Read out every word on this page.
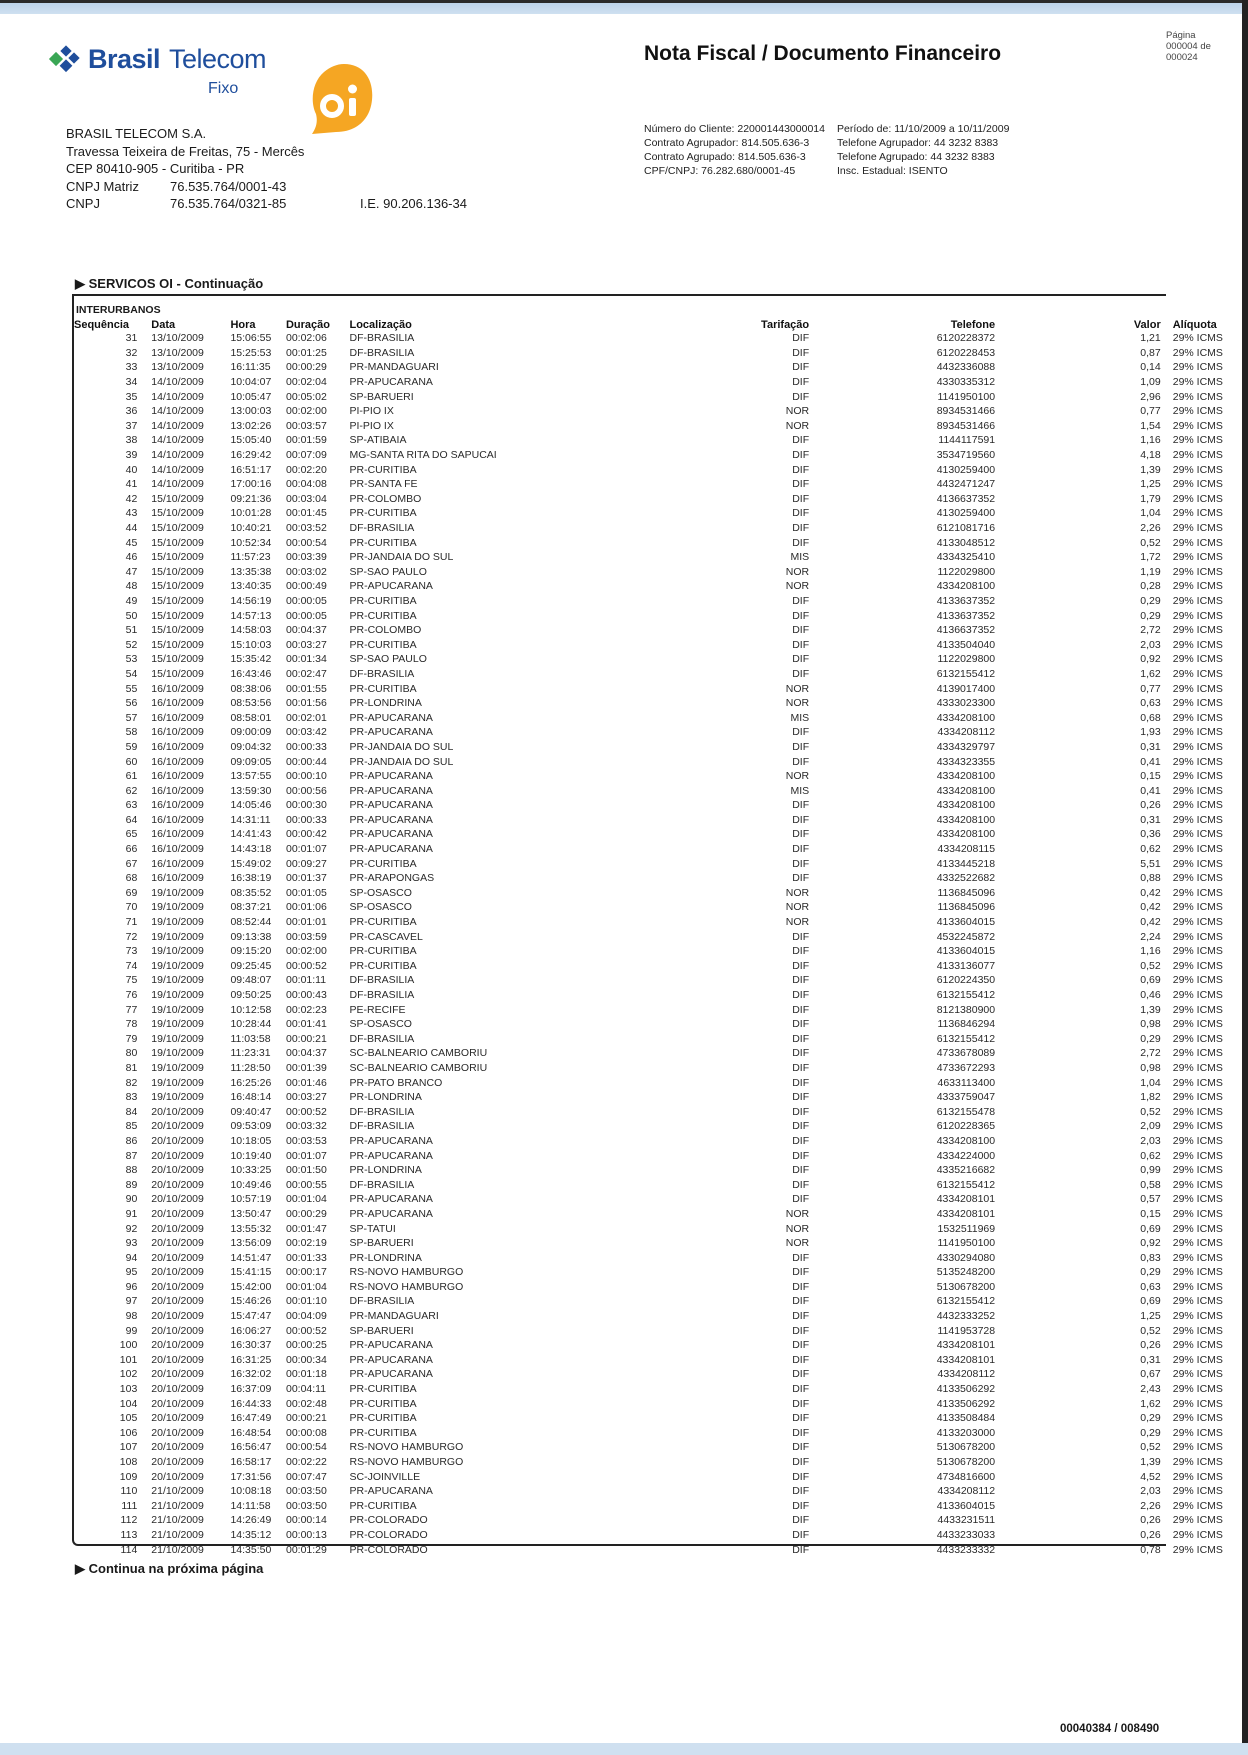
Brasil Telecom
Fixo
BRASIL TELECOM S.A.
Travessa Teixeira de Freitas, 75 - Mercês
CEP 80410-905 - Curitiba - PR
CNPJ Matriz	76.535.764/0001-43
CNPJ	76.535.764/0321-85	I.E. 90.206.136-34
Nota Fiscal / Documento Financeiro
Página
000004 de
000024
Número do Cliente: 220001443000014
Contrato Agrupador: 814.505.636-3
Contrato Agrupado: 814.505.636-3
CPF/CNPJ: 76.282.680/0001-45
Período de: 11/10/2009 a 10/11/2009
Telefone Agrupador: 44 3232 8383
Telefone Agrupado: 44 3232 8383
Insc. Estadual: ISENTO
▶ SERVICOS OI - Continuação
INTERURBANOS
Sequência	Data	Hora	Duração	Localização	Tarifação	Telefone	Valor	Alíquota
31	13/10/2009	15:06:55	00:02:06	DF-BRASILIA	DIF	6120228372	1,21	29% ICMS
32	13/10/2009	15:25:53	00:01:25	DF-BRASILIA	DIF	6120228453	0,87	29% ICMS
33	13/10/2009	16:11:35	00:00:29	PR-MANDAGUARI	DIF	4432336088	0,14	29% ICMS
34	14/10/2009	10:04:07	00:02:04	PR-APUCARANA	DIF	4330335312	1,09	29% ICMS
35	14/10/2009	10:05:47	00:05:02	SP-BARUERI	DIF	1141950100	2,96	29% ICMS
36	14/10/2009	13:00:03	00:02:00	PI-PIO IX	NOR	8934531466	0,77	29% ICMS
37	14/10/2009	13:02:26	00:03:57	PI-PIO IX	NOR	8934531466	1,54	29% ICMS
38	14/10/2009	15:05:40	00:01:59	SP-ATIBAIA	DIF	1144117591	1,16	29% ICMS
39	14/10/2009	16:29:42	00:07:09	MG-SANTA RITA DO SAPUCAI	DIF	3534719560	4,18	29% ICMS
40	14/10/2009	16:51:17	00:02:20	PR-CURITIBA	DIF	4130259400	1,39	29% ICMS
41	14/10/2009	17:00:16	00:04:08	PR-SANTA FE	DIF	4432471247	1,25	29% ICMS
42	15/10/2009	09:21:36	00:03:04	PR-COLOMBO	DIF	4136637352	1,79	29% ICMS
43	15/10/2009	10:01:28	00:01:45	PR-CURITIBA	DIF	4130259400	1,04	29% ICMS
44	15/10/2009	10:40:21	00:03:52	DF-BRASILIA	DIF	6121081716	2,26	29% ICMS
45	15/10/2009	10:52:34	00:00:54	PR-CURITIBA	DIF	4133048512	0,52	29% ICMS
46	15/10/2009	11:57:23	00:03:39	PR-JANDAIA DO SUL	MIS	4334325410	1,72	29% ICMS
47	15/10/2009	13:35:38	00:03:02	SP-SAO PAULO	NOR	1122029800	1,19	29% ICMS
48	15/10/2009	13:40:35	00:00:49	PR-APUCARANA	NOR	4334208100	0,28	29% ICMS
49	15/10/2009	14:56:19	00:00:05	PR-CURITIBA	DIF	4133637352	0,29	29% ICMS
50	15/10/2009	14:57:13	00:00:05	PR-CURITIBA	DIF	4133637352	0,29	29% ICMS
51	15/10/2009	14:58:03	00:04:37	PR-COLOMBO	DIF	4136637352	2,72	29% ICMS
52	15/10/2009	15:10:03	00:03:27	PR-CURITIBA	DIF	4133504040	2,03	29% ICMS
53	15/10/2009	15:35:42	00:01:34	SP-SAO PAULO	DIF	1122029800	0,92	29% ICMS
54	15/10/2009	16:43:46	00:02:47	DF-BRASILIA	DIF	6132155412	1,62	29% ICMS
55	16/10/2009	08:38:06	00:01:55	PR-CURITIBA	NOR	4139017400	0,77	29% ICMS
56	16/10/2009	08:53:56	00:01:56	PR-LONDRINA	NOR	4333023300	0,63	29% ICMS
57	16/10/2009	08:58:01	00:02:01	PR-APUCARANA	MIS	4334208100	0,68	29% ICMS
58	16/10/2009	09:00:09	00:03:42	PR-APUCARANA	DIF	4334208112	1,93	29% ICMS
59	16/10/2009	09:04:32	00:00:33	PR-JANDAIA DO SUL	DIF	4334329797	0,31	29% ICMS
60	16/10/2009	09:09:05	00:00:44	PR-JANDAIA DO SUL	DIF	4334323355	0,41	29% ICMS
61	16/10/2009	13:57:55	00:00:10	PR-APUCARANA	NOR	4334208100	0,15	29% ICMS
62	16/10/2009	13:59:30	00:00:56	PR-APUCARANA	MIS	4334208100	0,41	29% ICMS
63	16/10/2009	14:05:46	00:00:30	PR-APUCARANA	DIF	4334208100	0,26	29% ICMS
64	16/10/2009	14:31:11	00:00:33	PR-APUCARANA	DIF	4334208100	0,31	29% ICMS
65	16/10/2009	14:41:43	00:00:42	PR-APUCARANA	DIF	4334208100	0,36	29% ICMS
66	16/10/2009	14:43:18	00:01:07	PR-APUCARANA	DIF	4334208115	0,62	29% ICMS
67	16/10/2009	15:49:02	00:09:27	PR-CURITIBA	DIF	4133445218	5,51	29% ICMS
68	16/10/2009	16:38:19	00:01:37	PR-ARAPONGAS	DIF	4332522682	0,88	29% ICMS
69	19/10/2009	08:35:52	00:01:05	SP-OSASCO	NOR	1136845096	0,42	29% ICMS
70	19/10/2009	08:37:21	00:01:06	SP-OSASCO	NOR	1136845096	0,42	29% ICMS
71	19/10/2009	08:52:44	00:01:01	PR-CURITIBA	NOR	4133604015	0,42	29% ICMS
72	19/10/2009	09:13:38	00:03:59	PR-CASCAVEL	DIF	4532245872	2,24	29% ICMS
73	19/10/2009	09:15:20	00:02:00	PR-CURITIBA	DIF	4133604015	1,16	29% ICMS
74	19/10/2009	09:25:45	00:00:52	PR-CURITIBA	DIF	4133136077	0,52	29% ICMS
75	19/10/2009	09:48:07	00:01:11	DF-BRASILIA	DIF	6120224350	0,69	29% ICMS
76	19/10/2009	09:50:25	00:00:43	DF-BRASILIA	DIF	6132155412	0,46	29% ICMS
77	19/10/2009	10:12:58	00:02:23	PE-RECIFE	DIF	8121380900	1,39	29% ICMS
78	19/10/2009	10:28:44	00:01:41	SP-OSASCO	DIF	1136846294	0,98	29% ICMS
79	19/10/2009	11:03:58	00:00:21	DF-BRASILIA	DIF	6132155412	0,29	29% ICMS
80	19/10/2009	11:23:31	00:04:37	SC-BALNEARIO CAMBORIU	DIF	4733678089	2,72	29% ICMS
81	19/10/2009	11:28:50	00:01:39	SC-BALNEARIO CAMBORIU	DIF	4733672293	0,98	29% ICMS
82	19/10/2009	16:25:26	00:01:46	PR-PATO BRANCO	DIF	4633113400	1,04	29% ICMS
83	19/10/2009	16:48:14	00:03:27	PR-LONDRINA	DIF	4333759047	1,82	29% ICMS
84	20/10/2009	09:40:47	00:00:52	DF-BRASILIA	DIF	6132155478	0,52	29% ICMS
85	20/10/2009	09:53:09	00:03:32	DF-BRASILIA	DIF	6120228365	2,09	29% ICMS
86	20/10/2009	10:18:05	00:03:53	PR-APUCARANA	DIF	4334208100	2,03	29% ICMS
87	20/10/2009	10:19:40	00:01:07	PR-APUCARANA	DIF	4334224000	0,62	29% ICMS
88	20/10/2009	10:33:25	00:01:50	PR-LONDRINA	DIF	4335216682	0,99	29% ICMS
89	20/10/2009	10:49:46	00:00:55	DF-BRASILIA	DIF	6132155412	0,58	29% ICMS
90	20/10/2009	10:57:19	00:01:04	PR-APUCARANA	DIF	4334208101	0,57	29% ICMS
91	20/10/2009	13:50:47	00:00:29	PR-APUCARANA	NOR	4334208101	0,15	29% ICMS
92	20/10/2009	13:55:32	00:01:47	SP-TATUI	NOR	1532511969	0,69	29% ICMS
93	20/10/2009	13:56:09	00:02:19	SP-BARUERI	NOR	1141950100	0,92	29% ICMS
94	20/10/2009	14:51:47	00:01:33	PR-LONDRINA	DIF	4330294080	0,83	29% ICMS
95	20/10/2009	15:41:15	00:00:17	RS-NOVO HAMBURGO	DIF	5135248200	0,29	29% ICMS
96	20/10/2009	15:42:00	00:01:04	RS-NOVO HAMBURGO	DIF	5130678200	0,63	29% ICMS
97	20/10/2009	15:46:26	00:01:10	DF-BRASILIA	DIF	6132155412	0,69	29% ICMS
98	20/10/2009	15:47:47	00:04:09	PR-MANDAGUARI	DIF	4432333252	1,25	29% ICMS
99	20/10/2009	16:06:27	00:00:52	SP-BARUERI	DIF	1141953728	0,52	29% ICMS
100	20/10/2009	16:30:37	00:00:25	PR-APUCARANA	DIF	4334208101	0,26	29% ICMS
101	20/10/2009	16:31:25	00:00:34	PR-APUCARANA	DIF	4334208101	0,31	29% ICMS
102	20/10/2009	16:32:02	00:01:18	PR-APUCARANA	DIF	4334208112	0,67	29% ICMS
103	20/10/2009	16:37:09	00:04:11	PR-CURITIBA	DIF	4133506292	2,43	29% ICMS
104	20/10/2009	16:44:33	00:02:48	PR-CURITIBA	DIF	4133506292	1,62	29% ICMS
105	20/10/2009	16:47:49	00:00:21	PR-CURITIBA	DIF	4133508484	0,29	29% ICMS
106	20/10/2009	16:48:54	00:00:08	PR-CURITIBA	DIF	4133203000	0,29	29% ICMS
107	20/10/2009	16:56:47	00:00:54	RS-NOVO HAMBURGO	DIF	5130678200	0,52	29% ICMS
108	20/10/2009	16:58:17	00:02:22	RS-NOVO HAMBURGO	DIF	5130678200	1,39	29% ICMS
109	20/10/2009	17:31:56	00:07:47	SC-JOINVILLE	DIF	4734816600	4,52	29% ICMS
110	21/10/2009	10:08:18	00:03:50	PR-APUCARANA	DIF	4334208112	2,03	29% ICMS
111	21/10/2009	14:11:58	00:03:50	PR-CURITIBA	DIF	4133604015	2,26	29% ICMS
112	21/10/2009	14:26:49	00:00:14	PR-COLORADO	DIF	4433231511	0,26	29% ICMS
113	21/10/2009	14:35:12	00:00:13	PR-COLORADO	DIF	4433233033	0,26	29% ICMS
114	21/10/2009	14:35:50	00:01:29	PR-COLORADO	DIF	4433233332	0,78	29% ICMS
▶ Continua na próxima página
00040384 / 008490
